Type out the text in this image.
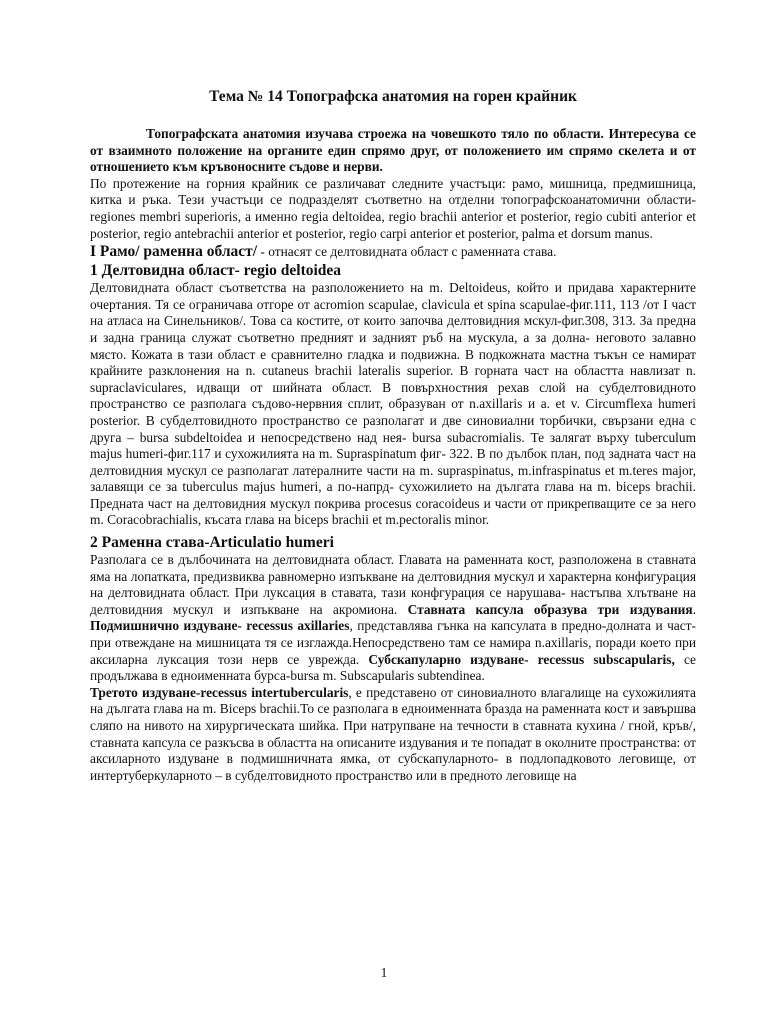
Тема № 14 Топографска анатомия на горен крайник

Топографската анатомия изучава строежа на човешкото тяло по области. Интересува се от взаимното положение на органите един спрямо друг, от положението им спрямо скелета и от отношението към кръвоносните съдове и нерви.

По протежение на горния крайник се различават следните участъци: рамо, мишница, предмишница, китка и ръка. Тези участъци се подразделят съответно на отделни топографскоанатомични области- regiones membri superioris, а именно regia deltoidea, regio brachii anterior et posterior, regio cubiti anterior et posterior, regio antebrachii anterior et posterior, regio carpi anterior et posterior, palma et dorsum manus.

I Рамо/ раменна област/ - отнасят се делтовидната област с раменната става.
1 Делтовидна област- regio deltoidea

Делтовидната област съответства на разположението на m. Deltoideus, който и придава характерните очертания. Тя се ограничава отгоре от acromion scapulae, clavicula et spina scapulae-фиг.111, 113 /от I част на атласа на Синельников/. Това са костите, от които започва делтовидния мскул-фиг.308, 313. За предна и задна граница служат съответно предният и задният ръб на мускула, а за долна- неговото залавно място. Кожата в тази област е сравнително гладка и подвижна. В подкожната мастна тъкън се намират крайните разклонения на n. cutaneus brachii lateralis superior. В горната част на областта навлизат n. supraclaviculares, идващи от шийната област. В повърхностния рехав слой на субделтовидното пространство се разполага съдово-нервния сплит, образуван от n.axillaris и a. et v. Circumflexa humeri posterior. В субделтовидното пространство се разполагат и две синовиални торбички, свързани една с друга – bursa subdeltoidea и непосредствено над нея- bursa subacromialis. Те залягат върху tuberculum majus humeri-фиг.117 и сухожилията на m. Supraspinatum фиг- 322. В по дълбок план, под задната част на делтовидния мускул се разполагат латералните части на m. supraspinatus, m.infraspinatus et m.teres major, залавящи се за tuberculus majus humeri, а по-напрд- сухожилието на дългата глава на m. biceps brachii. Предната част на делтовидния мускул покрива procesus coracoideus и части от прикрепващите се за него m. Coracobrachialis, късата глава на biceps brachii et m.pectoralis minor.

2 Раменна става-Articulatio humeri

Разполага се в дълбочината на делтовидната област. Главата на раменната кост, разположена в ставната яма на лопатката, предизвиква равномерно изпъкване на делтовидния мускул и характерна конфигурация на делтовидната област. При луксация в ставата, тази конфгурация се нарушава- настъпва хлътване на делтовидния мускул и изпъкване на акромиона. Ставната капсула образува три издувания. Подмишнично издуване- recessus axillaries, представлява гънка на капсулата в предно-долната и част- при отвеждане на мишницата тя се изглажда.Непосредствено там се намира n.axillaris, поради което при аксиларна луксация този нерв се уврежда. Субскапуларно издуване- recessus subscapularis, се продължава в едноименната бурса-bursa m. Subscapularis subtendinea.

Третото издуване-recessus intertubercularis, е представено от синовиалното влагалище на сухожилията на дългата глава на m. Biceps brachii.То се разполага в едноименната бразда на раменната кост и завършва сляпо на нивото на хирургическата шийка. При натрупване на течности в ставната кухина / гной, кръв/, ставната капсула се разкъсва в областта на описаните издувания и те попадат в околните пространства: от аксиларното издуване в подмишничната ямка, от субскапуларното- в подлопадковото леговище, от интертуберкуларното – в субделтовидното пространство или в предното леговище на

1
